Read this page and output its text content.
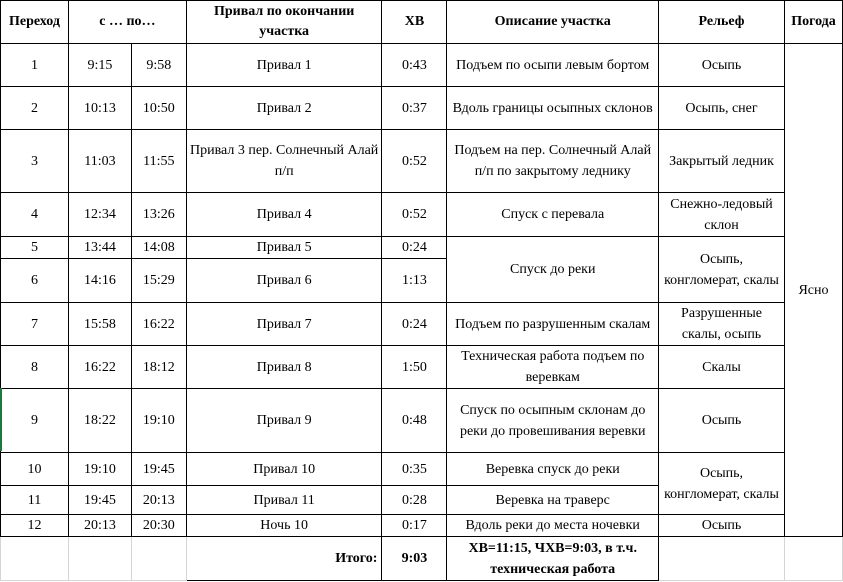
Переход	с … по…		Привал по окончании участка	ХВ	Описание участка	Рельеф	Погода
1	9:15	9:58	Привал 1	0:43	Подъем по осыпи левым бортом	Осыпь	Ясно
2	10:13	10:50	Привал 2	0:37	Вдоль границы осыпных склонов	Осыпь, снег	
3	11:03	11:55	Привал 3 пер. Солнечный Алай п/п	0:52	Подъем на пер. Солнечный Алай п/п по закрытому леднику	Закрытый ледник	
4	12:34	13:26	Привал 4	0:52	Спуск с перевала	Снежно-ледовый склон	
5	13:44	14:08	Привал 5	0:24	Спуск до реки	Осыпь, конгломерат, скалы	
6	14:16	15:29	Привал 6	1:13			
7	15:58	16:22	Привал 7	0:24	Подъем по разрушенным скалам	Разрушенные скалы, осыпь	
8	16:22	18:12	Привал 8	1:50	Техническая работа подъем по веревкам	Скалы	
9	18:22	19:10	Привал 9	0:48	Спуск по осыпным склонам до реки до провешивания веревки	Осыпь	
10	19:10	19:45	Привал 10	0:35	Веревка спуск до реки	Осыпь, конгломерат, скалы	
11	19:45	20:13	Привал 11	0:28	Веревка на траверс		
12	20:13	20:30	Ночь 10	0:17	Вдоль реки до места ночевки	Осыпь	
			Итого:	9:03	ХВ=11:15, ЧХВ=9:03, в т.ч. техническая работа		
